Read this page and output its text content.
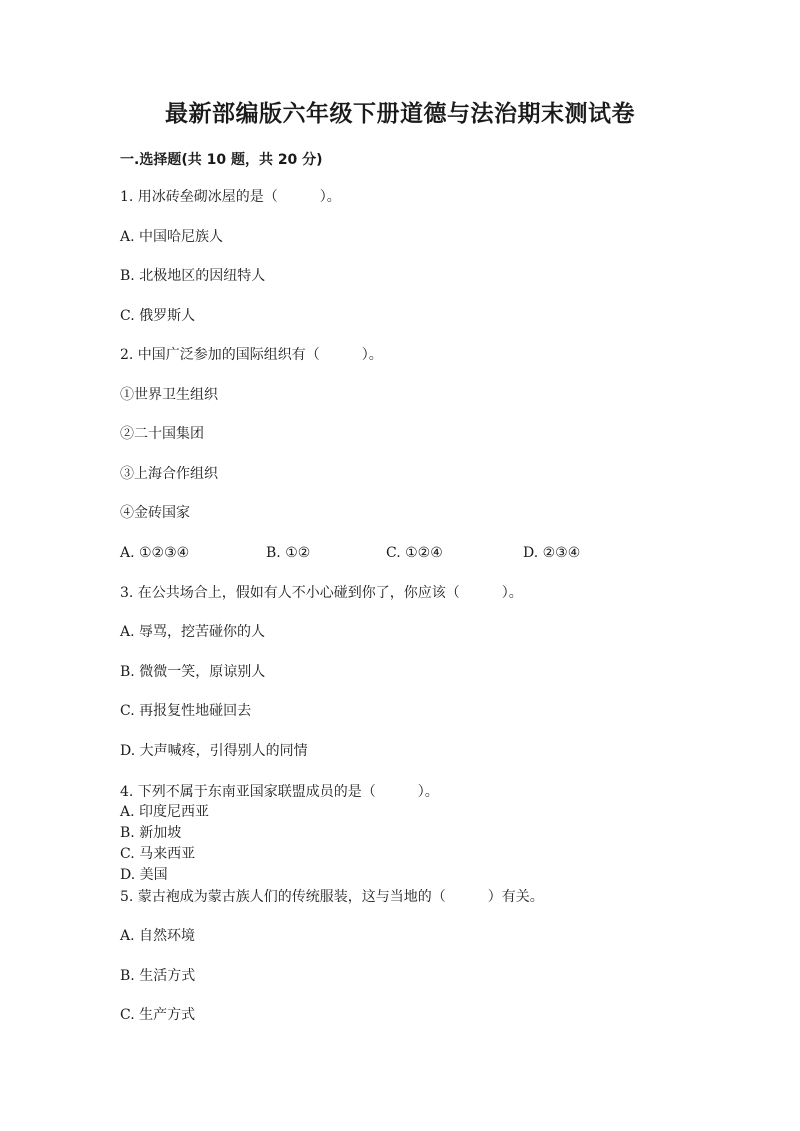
最新部编版六年级下册道德与法治期末测试卷
一.选择题(共 10 题，共 20 分)
1. 用冰砖垒砌冰屋的是（　　　）。
A. 中国哈尼族人
B. 北极地区的因纽特人
C. 俄罗斯人
2. 中国广泛参加的国际组织有（　　　）。
①世界卫生组织
②二十国集团
③上海合作组织
④金砖国家
A. ①②③④	B. ①②	C. ①②④	D. ②③④
3. 在公共场合上，假如有人不小心碰到你了，你应该（　　　）。
A. 辱骂，挖苦碰你的人
B. 微微一笑，原谅别人
C. 再报复性地碰回去
D. 大声喊疼，引得别人的同情
4. 下列不属于东南亚国家联盟成员的是（　　　）。
A. 印度尼西亚
B. 新加坡
C. 马来西亚
D. 美国
5. 蒙古袍成为蒙古族人们的传统服装，这与当地的（　　　）有关。
A. 自然环境
B. 生活方式
C. 生产方式
